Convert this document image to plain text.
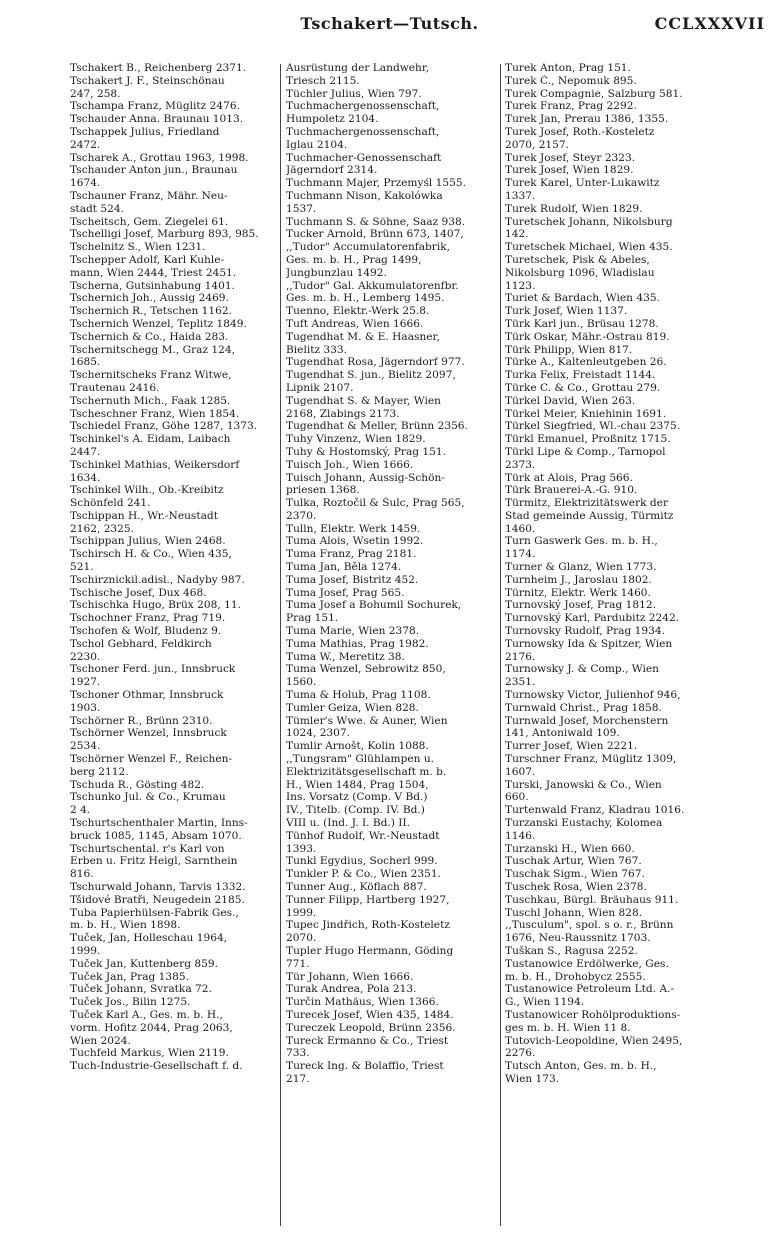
Tschakert—Tutsch.	CCLXXXVII
Tschakert B., Reichenberg 2371.
Tschakert J. F., Steinschönau
247, 258.
Tschampa Franz, Müglitz 2476.
Tschauder Anna. Braunau 1013.
Tschappek Julius, Friedland
2472.
Tscharek A., Grottau 1963, 1998.
Tschauder Anton jun., Braunau
1674.
Tschauner Franz, Mähr. Neu-
stadt 524.
Tscheitsch, Gem. Ziegelei 61.
Tschelligi Josef, Marburg 893, 985.
Tschelnitz S., Wien 1231.
Tschepper Adolf, Karl Kuhle-
mann, Wien 2444, Triest 2451.
Tscherna, Gutsinhabung 1401.
Tschernich Joh., Aussig 2469.
Tschernich R., Tetschen 1162.
Tschernich Wenzel, Teplitz 1849.
Tschernich & Co., Haida 283.
Tschernitschegg M., Graz 124,
1685.
Tschernitscheks Franz Witwe,
Trautenau 2416.
Tschernuth Mich., Faak 1285.
Tscheschner Franz, Wien 1854.
Tschiedel Franz, Göhe 1287, 1373.
Tschinkel's A. Eidam, Laibach
2447.
Tschinkel Mathias, Weikersdorf
1634.
Tschinkel Wilh., Ob.-Kreibitz
Schönfeld 241.
Tschippan H., Wr.-Neustadt
2162, 2325.
Tschippan Julius, Wien 2468.
Tschirsch H. & Co., Wien 435,
521.
Tschirznickil.adisl., Nadyby 987.
Tschische Josef, Dux 468.
Tschischka Hugo, Brüx 208, 11.
Tschochner Franz, Prag 719.
Tschofen & Wolf, Bludenz 9.
Tschol Gebhard, Feldkirch
2230.
Tschoner Ferd. jun., Innsbruck
1927.
Tschoner Othmar, Innsbruck
1903.
Tschörner R., Brünn 2310.
Tschörner Wenzel, Innsbruck
2534.
Tschörner Wenzel F., Reichen-
berg 2112.
Tschuda R., Gösting 482.
Tschunko Jul. & Co., Krumau
2 4.
Tschurtschenthaler Martin, Inns-
bruck 1085, 1145, Absam 1070.
Tschurtschental. r's Karl von
Erben u. Fritz Heigl, Sarnthein
816.
Tschurwald Johann, Tarvis 1332.
Tšidové Bratři, Neugedein 2185.
Tuba Papierhülsen-Fabrik Ges.,
m. b. H., Wien 1898.
Tuček, Jan, Holleschau 1964,
1999.
Tuček Jan, Kuttenberg 859.
Tuček Jan, Prag 1385.
Tuček Johann, Svratka 72.
Tuček Jos., Bilin 1275.
Tuček Karl A., Ges. m. b. H.,
vorm. Hofitz 2044, Prag 2063,
Wien 2024.
Tuchfeld Markus, Wien 2119.
Tuch-Industrie-Gesellschaft f. d.
Ausrüstung der Landwehr,
Triesch 2115.
Tüchler Julius, Wien 797.
Tuchmachergenossenschaft,
Humpoletz 2104.
Tuchmachergenossenschaft,
Iglau 2104.
Tuchmacher-Genossenschaft
Jägerndorf 2314.
Tuchmann Majer, Przemyśl 1555.
Tuchmann Nison, Kakolówka
1537.
Tuchmann S. & Söhne, Saaz 938.
Tucker Arnold, Brünn 673, 1407,
,,Tudor" Accumulatorenfabrik,
Ges. m. b. H., Prag 1499,
Jungbunzlau 1492.
,,Tudor" Gal. Akkumulatorenfbr.
Ges. m. b. H., Lemberg 1495.
Tuenno, Elektr.-Werk 25.8.
Tuft Andreas, Wien 1666.
Tugendhat M. & E. Haasner,
Bielitz 333.
Tugendhat Rosa, Jägerndorf 977.
Tugendhat S. jun., Bielitz 2097,
Lipnik 2107.
Tugendhat S. & Mayer, Wien
2168, Zlabings 2173.
Tugendhat & Meller, Brünn 2356.
Tuhy Vinzenz, Wien 1829.
Tuhy & Hostomský, Prag 151.
Tuisch Joh., Wien 1666.
Tuisch Johann, Aussig-Schön-
priesen 1368.
Tulka, Roztočil & Šulc, Prag 565,
2370.
Tulln, Elektr. Werk 1459.
Tuma Alois, Wsetin 1992.
Tuma Franz, Prag 2181.
Tuma Jan, Běla 1274.
Tuma Josef, Bistritz 452.
Tuma Josef, Prag 565.
Tuma Josef a Bohumil Sochurek,
Prag 151.
Tuma Marie, Wien 2378.
Tuma Mathias, Prag 1982.
Tuma W., Meretitz 38.
Tuma Wenzel, Sebrowitz 850,
1560.
Tuma & Holub, Prag 1108.
Tumler Geiza, Wien 828.
Tümler's Wwe. & Auner, Wien
1024, 2307.
Tumlir Arnošt, Kolin 1088.
,,Tungsram" Glühlampen u.
Elektrizitätsgesellschaft m. b.
H., Wien 1484, Prag 1504,
Ins. Vorsatz (Comp. V Bd.)
IV., Titelb. (Comp. IV. Bd.)
VIII u. (Ind. J. I. Bd.) II.
Tünhof Rudolf, Wr.-Neustadt
1393.
Tunkl Egydius, Socherl 999.
Tunkler P. & Co., Wien 2351.
Tunner Aug., Köflach 887.
Tunner Filipp, Hartberg 1927,
1999.
Tupec Jindřich, Roth-Kosteletz
2070.
Tupler Hugo Hermann, Göding
771.
Tür Johann, Wien 1666.
Turak Andrea, Pola 213.
Turčin Mathäus, Wien 1366.
Turecek Josef, Wien 435, 1484.
Tureczek Leopold, Brünn 2356.
Tureck Ermanno & Co., Triest
733.
Tureck Ing. & Bolaffio, Triest
217.
Turek Anton, Prag 151.
Turek Č., Nepomuk 895.
Turek Compagnie, Salzburg 581.
Turek Franz, Prag 2292.
Turek Jan, Prerau 1386, 1355.
Turek Josef, Roth.-Kosteletz
2070, 2157.
Turek Josef, Steyr 2323.
Turek Josef, Wien 1829.
Turek Karel, Unter-Lukawitz
1337.
Turek Rudolf, Wien 1829.
Turetschek Johann, Nikolsburg
142.
Turetschek Michael, Wien 435.
Turetschek, Pisk & Abeles,
Nikolsburg 1096, Wladislau
1123.
Turiet & Bardach, Wien 435.
Turk Josef, Wien 1137.
Türk Karl jun., Brüsau 1278.
Türk Oskar, Mähr.-Ostrau 819.
Türk Philipp, Wien 817.
Türke A., Kaltenleutgeben 26.
Turka Felix, Freistadt 1144.
Türke C. & Co., Grottau 279.
Türkel David, Wien 263.
Türkel Meier, Kniehinin 1691.
Türkel Siegfried, Wl.-chau 2375.
Türkl Emanuel, Proßnitz 1715.
Türkl Lipe & Comp., Tarnopol
2373.
Türk at Alois, Prag 566.
Türk Brauerei-A.-G. 910.
Türmitz, Elektrizitätswerk der
Stad gemeinde Aussig, Türmitz
1460.
Turn Gaswerk Ges. m. b. H.,
1174.
Turner & Glanz, Wien 1773.
Turnheim J., Jaroslau 1802.
Türnitz, Elektr. Werk 1460.
Turnovský Josef, Prag 1812.
Turnovský Karl, Pardubitz 2242.
Turnovsky Rudolf, Prag 1934.
Turnowsky Ida & Spitzer, Wien
2176.
Turnowsky J. & Comp., Wien
2351.
Turnowsky Victor, Julienhof 946,
Turnwald Christ., Prag 1858.
Turnwald Josef, Morchenstern
141, Antoniwald 109.
Turrer Josef, Wien 2221.
Turschner Franz, Müglitz 1309,
1607.
Turski, Janowski & Co., Wien
660.
Turtenwald Franz, Kladrau 1016.
Turzanski Eustachy, Kolomea
1146.
Turzanski H., Wien 660.
Tuschak Artur, Wien 767.
Tuschak Sigm., Wien 767.
Tuschek Rosa, Wien 2378.
Tuschkau, Bürgl. Bräuhaus 911.
Tuschl Johann, Wien 828.
,,Tusculum", spol. s o. r., Brünn
1676, Neu-Raussnitz 1703.
Tuškan S., Ragusa 2252.
Tustanowice Erdölwerke, Ges.
m. b. H., Drohobycz 2555.
Tustanowice Petroleum Ltd. A.-
G., Wien 1194.
Tustanowicer Rohölproduktions-
ges m. b. H. Wien 11 8.
Tutovich-Leopoldine, Wien 2495,
2276.
Tutsch Anton, Ges. m. b. H.,
Wien 173.
